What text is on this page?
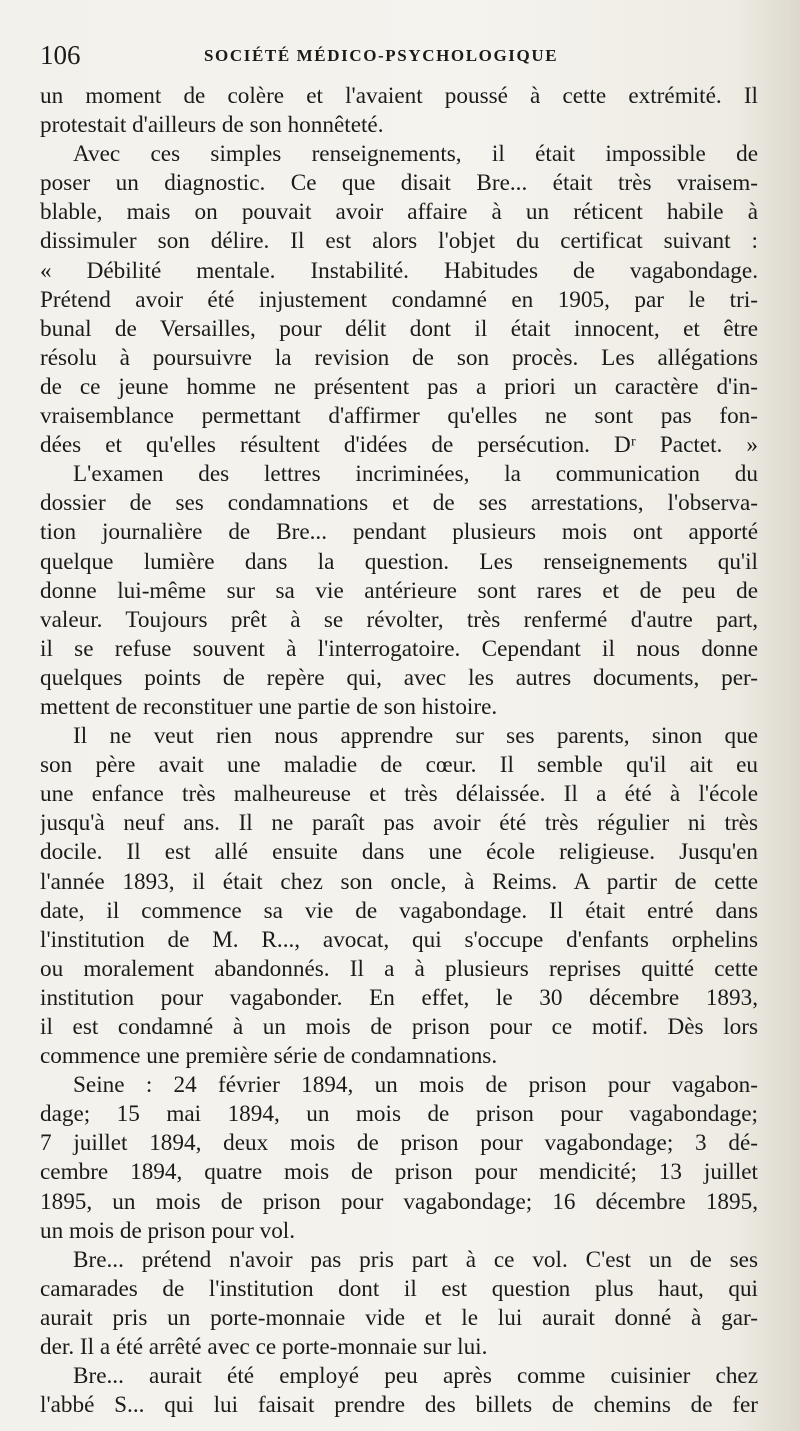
106	SOCIÉTÉ MÉDICO-PSYCHOLOGIQUE
un moment de colère et l'avaient poussé à cette extrémité. Il
protestait d'ailleurs de son honnêteté.
Avec ces simples renseignements, il était impossible de
poser un diagnostic. Ce que disait Bre... était très vraisem-
blable, mais on pouvait avoir affaire à un réticent habile à
dissimuler son délire. Il est alors l'objet du certificat suivant :
« Débilité mentale. Instabilité. Habitudes de vagabondage.
Prétend avoir été injustement condamné en 1905, par le tri-
bunal de Versailles, pour délit dont il était innocent, et être
résolu à poursuivre la revision de son procès. Les allégations
de ce jeune homme ne présentent pas a priori un caractère d'in-
vraisemblance permettant d'affirmer qu'elles ne sont pas fon-
dées et qu'elles résultent d'idées de persécution. Dʳ Pactet. »
L'examen des lettres incriminées, la communication du
dossier de ses condamnations et de ses arrestations, l'observa-
tion journalière de Bre... pendant plusieurs mois ont apporté
quelque lumière dans la question. Les renseignements qu'il
donne lui-même sur sa vie antérieure sont rares et de peu de
valeur. Toujours prêt à se révolter, très renfermé d'autre part,
il se refuse souvent à l'interrogatoire. Cependant il nous donne
quelques points de repère qui, avec les autres documents, per-
mettent de reconstituer une partie de son histoire.
Il ne veut rien nous apprendre sur ses parents, sinon que
son père avait une maladie de cœur. Il semble qu'il ait eu
une enfance très malheureuse et très délaissée. Il a été à l'école
jusqu'à neuf ans. Il ne paraît pas avoir été très régulier ni très
docile. Il est allé ensuite dans une école religieuse. Jusqu'en
l'année 1893, il était chez son oncle, à Reims. A partir de cette
date, il commence sa vie de vagabondage. Il était entré dans
l'institution de M. R..., avocat, qui s'occupe d'enfants orphelins
ou moralement abandonnés. Il a à plusieurs reprises quitté cette
institution pour vagabonder. En effet, le 30 décembre 1893,
il est condamné à un mois de prison pour ce motif. Dès lors
commence une première série de condamnations.
Seine : 24 février 1894, un mois de prison pour vagabon-
dage; 15 mai 1894, un mois de prison pour vagabondage;
7 juillet 1894, deux mois de prison pour vagabondage; 3 dé-
cembre 1894, quatre mois de prison pour mendicité; 13 juillet
1895, un mois de prison pour vagabondage; 16 décembre 1895,
un mois de prison pour vol.
Bre... prétend n'avoir pas pris part à ce vol. C'est un de ses
camarades de l'institution dont il est question plus haut, qui
aurait pris un porte-monnaie vide et le lui aurait donné à gar-
der. Il a été arrêté avec ce porte-monnaie sur lui.
Bre... aurait été employé peu après comme cuisinier chez
l'abbé S... qui lui faisait prendre des billets de chemins de fer
